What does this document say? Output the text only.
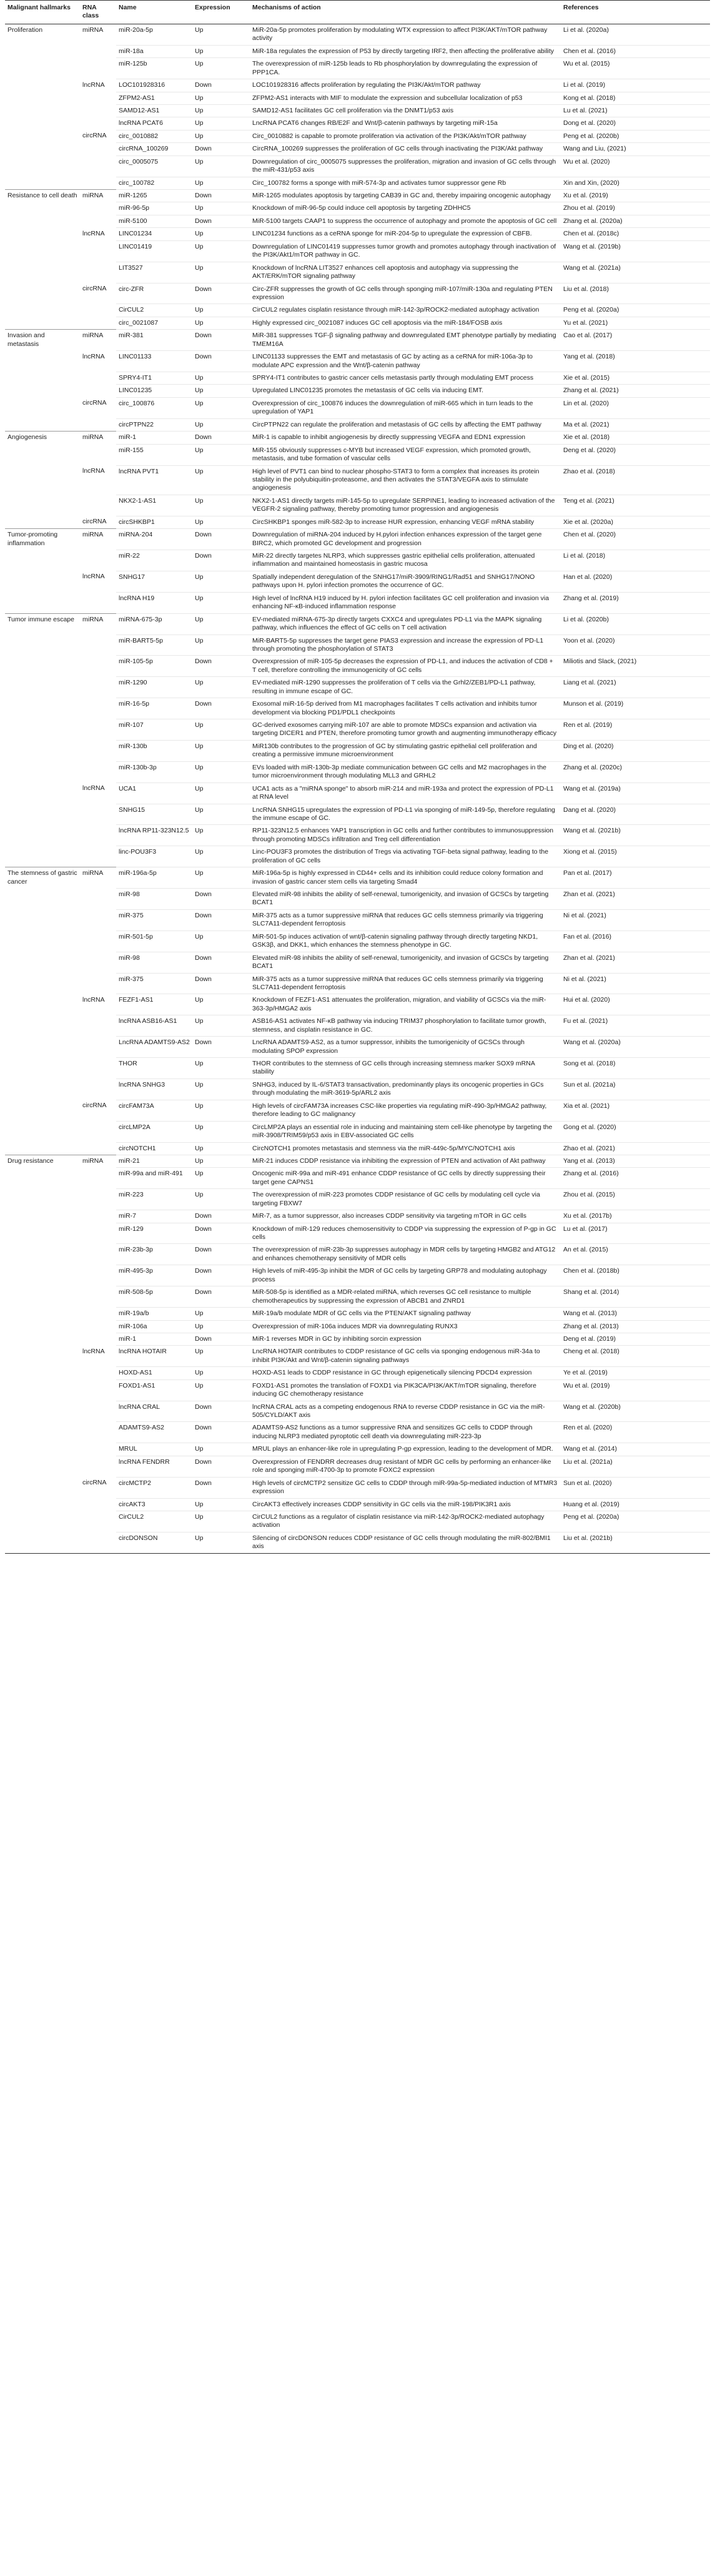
Malignant hallmarks	RNA class	Name	Expression	Mechanisms of action	References
Proliferation	miRNA	miR-20a-5p	Up	MiR-20a-5p promotes proliferation by modulating WTX expression to affect PI3K/AKT/mTOR pathway activity	Li et al. (2020a)
		miR-18a	Up	MiR-18a regulates the expression of P53 by directly targeting IRF2, then affecting the proliferative ability	Chen et al. (2016)
		miR-125b	Up	The overexpression of miR-125b leads to Rb phosphorylation by downregulating the expression of PPP1CA.	Wu et al. (2015)
	lncRNA	LOC101928316	Down	LOC101928316 affects proliferation by regulating the PI3K/Akt/mTOR pathway	Li et al. (2019)
		ZFPM2-AS1	Up	ZFPM2-AS1 interacts with MIF to modulate the expression and subcellular localization of p53	Kong et al. (2018)
		SAMD12-AS1	Up	SAMD12-AS1 facilitates GC cell proliferation via the DNMT1/p53 axis	Lu et al. (2021)
		lncRNA PCAT6	Up	LncRNA PCAT6 changes RB/E2F and Wnt/β-catenin pathways by targeting miR-15a	Dong et al. (2020)
	circRNA	circ_0010882	Up	Circ_0010882 is capable to promote proliferation via activation of the PI3K/Akt/mTOR pathway	Peng et al. (2020b)
		circRNA_100269	Down	CircRNA_100269 suppresses the proliferation of GC cells through inactivating the PI3K/Akt pathway	Wang and Liu, (2021)
		circ_0005075	Up	Downregulation of circ_0005075 suppresses the proliferation, migration and invasion of GC cells through the miR-431/p53 axis	Wu et al. (2020)
		circ_100782	Up	Circ_100782 forms a sponge with miR-574-3p and activates tumor suppressor gene Rb	Xin and Xin, (2020)
Resistance to cell death	miRNA	miR-1265	Down	MiR-1265 modulates apoptosis by targeting CAB39 in GC and, thereby impairing oncogenic autophagy	Xu et al. (2019)
		miR-96-5p	Up	Knockdown of miR-96-5p could induce cell apoptosis by targeting ZDHHC5	Zhou et al. (2019)
		miR-5100	Down	MiR-5100 targets CAAP1 to suppress the occurrence of autophagy and promote the apoptosis of GC cell	Zhang et al. (2020a)
	lncRNA	LINC01234	Up	LINC01234 functions as a ceRNA sponge for miR-204-5p to upregulate the expression of CBFB.	Chen et al. (2018c)
		LINC01419	Up	Downregulation of LINC01419 suppresses tumor growth and promotes autophagy through inactivation of the PI3K/Akt1/mTOR pathway in GC.	Wang et al. (2019b)
		LIT3527	Up	Knockdown of lncRNA LIT3527 enhances cell apoptosis and autophagy via suppressing the AKT/ERK/mTOR signaling pathway	Wang et al. (2021a)
	circRNA	circ-ZFR	Down	Circ-ZFR suppresses the growth of GC cells through sponging miR-107/miR-130a and regulating PTEN expression	Liu et al. (2018)
		CirCUL2	Up	CirCUL2 regulates cisplatin resistance through miR-142-3p/ROCK2-mediated autophagy activation	Peng et al. (2020a)
		circ_0021087	Up	Highly expressed circ_0021087 induces GC cell apoptosis via the miR-184/FOSB axis	Yu et al. (2021)
Invasion and metastasis	miRNA	miR-381	Down	MiR-381 suppresses TGF-β signaling pathway and downregulated EMT phenotype partially by mediating TMEM16A	Cao et al. (2017)
	lncRNA	LINC01133	Down	LINC01133 suppresses the EMT and metastasis of GC by acting as a ceRNA for miR-106a-3p to modulate APC expression and the Wnt/β-catenin pathway	Yang et al. (2018)
		SPRY4-IT1	Up	SPRY4-IT1 contributes to gastric cancer cells metastasis partly through modulating EMT process	Xie et al. (2015)
		LINC01235	Up	Upregulated LINC01235 promotes the metastasis of GC cells via inducing EMT.	Zhang et al. (2021)
	circRNA	circ_100876	Up	Overexpression of circ_100876 induces the downregulation of miR-665 which in turn leads to the upregulation of YAP1	Lin et al. (2020)
		circPTPN22	Up	CircPTPN22 can regulate the proliferation and metastasis of GC cells by affecting the EMT pathway	Ma et al. (2021)
Angiogenesis	miRNA	miR-1	Down	MiR-1 is capable to inhibit angiogenesis by directly suppressing VEGFA and EDN1 expression	Xie et al. (2018)
		miR-155	Up	MiR-155 obviously suppresses c-MYB but increased VEGF expression, which promoted growth, metastasis, and tube formation of vascular cells	Deng et al. (2020)
	lncRNA	lncRNA PVT1	Up	High level of PVT1 can bind to nuclear phospho-STAT3 to form a complex that increases its protein stability in the polyubiquitin-proteasome, and then activates the STAT3/VEGFA axis to stimulate angiogenesis	Zhao et al. (2018)
		NKX2-1-AS1	Up	NKX2-1-AS1 directly targets miR-145-5p to upregulate SERPINE1, leading to increased activation of the VEGFR-2 signaling pathway, thereby promoting tumor progression and angiogenesis	Teng et al. (2021)
	circRNA	circSHKBP1	Up	CircSHKBP1 sponges miR-582-3p to increase HUR expression, enhancing VEGF mRNA stability	Xie et al. (2020a)
Tumor-promoting inflammation	miRNA	miRNA-204	Down	Downregulation of miRNA-204 induced by H.pylori infection enhances expression of the target gene BIRC2, which promoted GC development and progression	Chen et al. (2020)
		miR-22	Down	MiR-22 directly targetes NLRP3, which suppresses gastric epithelial cells proliferation, attenuated inflammation and maintained homeostasis in gastric mucosa	Li et al. (2018)
	lncRNA	SNHG17	Up	Spatially independent deregulation of the SNHG17/miR-3909/RING1/Rad51 and SNHG17/NONO pathways upon H. pylori infection promotes the occurrence of GC.	Han et al. (2020)
		lncRNA H19	Up	High level of lncRNA H19 induced by H. pylori infection facilitates GC cell proliferation and invasion via enhancing NF-κB-induced inflammation response	Zhang et al. (2019)
Tumor immune escape	miRNA	miRNA-675-3p	Up	EV-mediated miRNA-675-3p directly targets CXXC4 and upregulates PD-L1 via the MAPK signaling pathway, which influences the effect of GC cells on T cell activation	Li et al. (2020b)
		miR-BART5-5p	Up	MiR-BART5-5p suppresses the target gene PIAS3 expression and increase the expression of PD-L1 through promoting the phosphorylation of STAT3	Yoon et al. (2020)
		miR-105-5p	Down	Overexpression of miR-105-5p decreases the expression of PD-L1, and induces the activation of CD8 + T cell, therefore controlling the immunogenicity of GC cells	Miliotis and Slack, (2021)
		miR-1290	Up	EV-mediated miR-1290 suppresses the proliferation of T cells via the Grhl2/ZEB1/PD-L1 pathway, resulting in immune escape of GC.	Liang et al. (2021)
		miR-16-5p	Down	Exosomal miR-16-5p derived from M1 macrophages facilitates T cells activation and inhibits tumor development via blocking PD1/PDL1 checkpoints	Munson et al. (2019)
		miR-107	Up	GC-derived exosomes carrying miR-107 are able to promote MDSCs expansion and activation via targeting DICER1 and PTEN, therefore promoting tumor growth and augmenting immunotherapy efficacy	Ren et al. (2019)
		miR-130b	Up	MiR130b contributes to the progression of GC by stimulating gastric epithelial cell proliferation and creating a permissive immune microenvironment	Ding et al. (2020)
		miR-130b-3p	Up	EVs loaded with miR-130b-3p mediate communication between GC cells and M2 macrophages in the tumor microenvironment through modulating MLL3 and GRHL2	Zhang et al. (2020c)
	lncRNA	UCA1	Up	UCA1 acts as a "miRNA sponge" to absorb miR-214 and miR-193a and protect the expression of PD-L1 at RNA level	Wang et al. (2019a)
		SNHG15	Up	LncRNA SNHG15 upregulates the expression of PD-L1 via sponging of miR-149-5p, therefore regulating the immune escape of GC.	Dang et al. (2020)
		lncRNA RP11-323N12.5	Up	RP11-323N12.5 enhances YAP1 transcription in GC cells and further contributes to immunosuppression through promoting MDSCs infiltration and Treg cell differentiation	Wang et al. (2021b)
		linc-POU3F3	Up	Linc-POU3F3 promotes the distribution of Tregs via activating TGF-beta signal pathway, leading to the proliferation of GC cells	Xiong et al. (2015)
The stemness of gastric cancer	miRNA	miR-196a-5p	Up	MiR-196a-5p is highly expressed in CD44+ cells and its inhibition could reduce colony formation and invasion of gastric cancer stem cells via targeting Smad4	Pan et al. (2017)
		miR-98	Down	Elevated miR-98 inhibits the ability of self-renewal, tumorigenicity, and invasion of GCSCs by targeting BCAT1	Zhan et al. (2021)
		miR-375	Down	MiR-375 acts as a tumor suppressive miRNA that reduces GC cells stemness primarily via triggering SLC7A11-dependent ferroptosis	Ni et al. (2021)
		miR-501-5p	Up	MiR-501-5p induces activation of wnt/β-catenin signaling pathway through directly targeting NKD1, GSK3β, and DKK1, which enhances the stemness phenotype in GC.	Fan et al. (2016)
		miR-98	Down	Elevated miR-98 inhibits the ability of self-renewal, tumorigenicity, and invasion of GCSCs by targeting BCAT1	Zhan et al. (2021)
		miR-375	Down	MiR-375 acts as a tumor suppressive miRNA that reduces GC cells stemness primarily via triggering SLC7A11-dependent ferroptosis	Ni et al. (2021)
	lncRNA	FEZF1-AS1	Up	Knockdown of FEZF1-AS1 attenuates the proliferation, migration, and viability of GCSCs via the miR-363-3p/HMGA2 axis	Hui et al. (2020)
		lncRNA ASB16-AS1	Up	ASB16-AS1 activates NF-κB pathway via inducing TRIM37 phosphorylation to facilitate tumor growth, stemness, and cisplatin resistance in GC.	Fu et al. (2021)
		LncRNA ADAMTS9-AS2	Down	LncRNA ADAMTS9-AS2, as a tumor suppressor, inhibits the tumorigenicity of GCSCs through modulating SPOP expression	Wang et al. (2020a)
		THOR	Up	THOR contributes to the stemness of GC cells through increasing stemness marker SOX9 mRNA stability	Song et al. (2018)
		lncRNA SNHG3	Up	SNHG3, induced by IL-6/STAT3 transactivation, predominantly plays its oncogenic properties in GCs through modulating the miR-3619-5p/ARL2 axis	Sun et al. (2021a)
	circRNA	circFAM73A	Up	High levels of circFAM73A increases CSC-like properties via regulating miR-490-3p/HMGA2 pathway, therefore leading to GC malignancy	Xia et al. (2021)
		circLMP2A	Up	CircLMP2A plays an essential role in inducing and maintaining stem cell-like phenotype by targeting the miR-3908/TRIM59/p53 axis in EBV-associated GC cells	Gong et al. (2020)
		circNOTCH1	Up	CircNOTCH1 promotes metastasis and stemness via the miR-449c-5p/MYC/NOTCH1 axis	Zhao et al. (2021)
Drug resistance	miRNA	miR-21	Up	MiR-21 induces CDDP resistance via inhibiting the expression of PTEN and activation of Akt pathway	Yang et al. (2013)
		miR-99a and miR-491	Up	Oncogenic miR-99a and miR-491 enhance CDDP resistance of GC cells by directly suppressing their target gene CAPNS1	Zhang et al. (2016)
		miR-223	Up	The overexpression of miR-223 promotes CDDP resistance of GC cells by modulating cell cycle via targeting FBXW7	Zhou et al. (2015)
		miR-7	Down	MiR-7, as a tumor suppressor, also increases CDDP sensitivity via targeting mTOR in GC cells	Xu et al. (2017b)
		miR-129	Down	Knockdown of miR-129 reduces chemosensitivity to CDDP via suppressing the expression of P-gp in GC cells	Lu et al. (2017)
		miR-23b-3p	Down	The overexpression of miR-23b-3p suppresses autophagy in MDR cells by targeting HMGB2 and ATG12 and enhances chemotherapy sensitivity of MDR cells	An et al. (2015)
		miR-495-3p	Down	High levels of miR-495-3p inhibit the MDR of GC cells by targeting GRP78 and modulating autophagy process	Chen et al. (2018b)
		miR-508-5p	Down	MiR-508-5p is identified as a MDR-related miRNA, which reverses GC cell resistance to multiple chemotherapeutics by suppressing the expression of ABCB1 and ZNRD1	Shang et al. (2014)
		miR-19a/b	Up	MiR-19a/b modulate MDR of GC cells via the PTEN/AKT signaling pathway	Wang et al. (2013)
		miR-106a	Up	Overexpression of miR-106a induces MDR via downregulating RUNX3	Zhang et al. (2013)
		miR-1	Down	MiR-1 reverses MDR in GC by inhibiting sorcin expression	Deng et al. (2019)
	lncRNA	lncRNA HOTAIR	Up	LncRNA HOTAIR contributes to CDDP resistance of GC cells via sponging endogenous miR-34a to inhibit PI3K/Akt and Wnt/β-catenin signaling pathways	Cheng et al. (2018)
		HOXD-AS1	Up	HOXD-AS1 leads to CDDP resistance in GC through epigenetically silencing PDCD4 expression	Ye et al. (2019)
		FOXD1-AS1	Up	FOXD1-AS1 promotes the translation of FOXD1 via PIK3CA/PI3K/AKT/mTOR signaling, therefore inducing GC chemotherapy resistance	Wu et al. (2019)
		lncRNA CRAL	Down	lncRNA CRAL acts as a competing endogenous RNA to reverse CDDP resistance in GC via the miR-505/CYLD/AKT axis	Wang et al. (2020b)
		ADAMTS9-AS2	Down	ADAMTS9-AS2 functions as a tumor suppressive RNA and sensitizes GC cells to CDDP through inducing NLRP3 mediated pyroptotic cell death via downregulating miR-223-3p	Ren et al. (2020)
		MRUL	Up	MRUL plays an enhancer-like role in upregulating P-gp expression, leading to the development of MDR.	Wang et al. (2014)
		lncRNA FENDRR	Down	Overexpression of FENDRR decreases drug resistant of MDR GC cells by performing an enhancer-like role and sponging miR-4700-3p to promote FOXC2 expression	Liu et al. (2021a)
	circRNA	circMCTP2	Down	High levels of circMCTP2 sensitize GC cells to CDDP through miR-99a-5p-mediated induction of MTMR3 expression	Sun et al. (2020)
		circAKT3	Up	CircAKT3 effectively increases CDDP sensitivity in GC cells via the miR-198/PIK3R1 axis	Huang et al. (2019)
		CirCUL2	Up	CirCUL2 functions as a regulator of cisplatin resistance via miR-142-3p/ROCK2-mediated autophagy activation	Peng et al. (2020a)
		circDONSON	Up	Silencing of circDONSON reduces CDDP resistance of GC cells through modulating the miR-802/BMI1 axis	Liu et al. (2021b)
